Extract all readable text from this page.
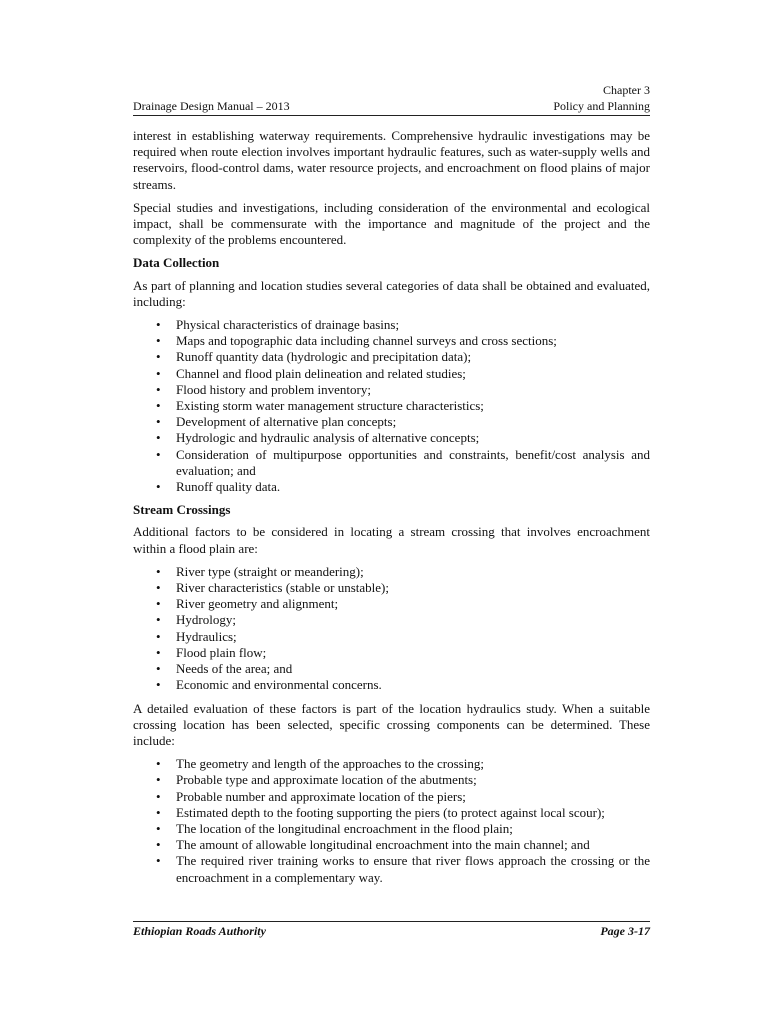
Chapter 3
Drainage Design Manual – 2013	Policy and Planning

interest in establishing waterway requirements. Comprehensive hydraulic investigations may be required when route election involves important hydraulic features, such as water-supply wells and reservoirs, flood-control dams, water resource projects, and encroachment on flood plains of major streams.

Special studies and investigations, including consideration of the environmental and ecological impact, shall be commensurate with the importance and magnitude of the project and the complexity of the problems encountered.

Data Collection

As part of planning and location studies several categories of data shall be obtained and evaluated, including:

• Physical characteristics of drainage basins;
• Maps and topographic data including channel surveys and cross sections;
• Runoff quantity data (hydrologic and precipitation data);
• Channel and flood plain delineation and related studies;
• Flood history and problem inventory;
• Existing storm water management structure characteristics;
• Development of alternative plan concepts;
• Hydrologic and hydraulic analysis of alternative concepts;
• Consideration of multipurpose opportunities and constraints, benefit/cost analysis and evaluation; and
• Runoff quality data.
Stream Crossings

Additional factors to be considered in locating a stream crossing that involves encroachment within a flood plain are:

• River type (straight or meandering);
• River characteristics (stable or unstable);
• River geometry and alignment;
• Hydrology;
• Hydraulics;
• Flood plain flow;
• Needs of the area; and
• Economic and environmental concerns.

A detailed evaluation of these factors is part of the location hydraulics study. When a suitable crossing location has been selected, specific crossing components can be determined. These include:

• The geometry and length of the approaches to the crossing;
• Probable type and approximate location of the abutments;
• Probable number and approximate location of the piers;
• Estimated depth to the footing supporting the piers (to protect against local scour);
• The location of the longitudinal encroachment in the flood plain;
• The amount of allowable longitudinal encroachment into the main channel; and
• The required river training works to ensure that river flows approach the crossing or the encroachment in a complementary way.
Ethiopian Roads Authority	Page 3-17
